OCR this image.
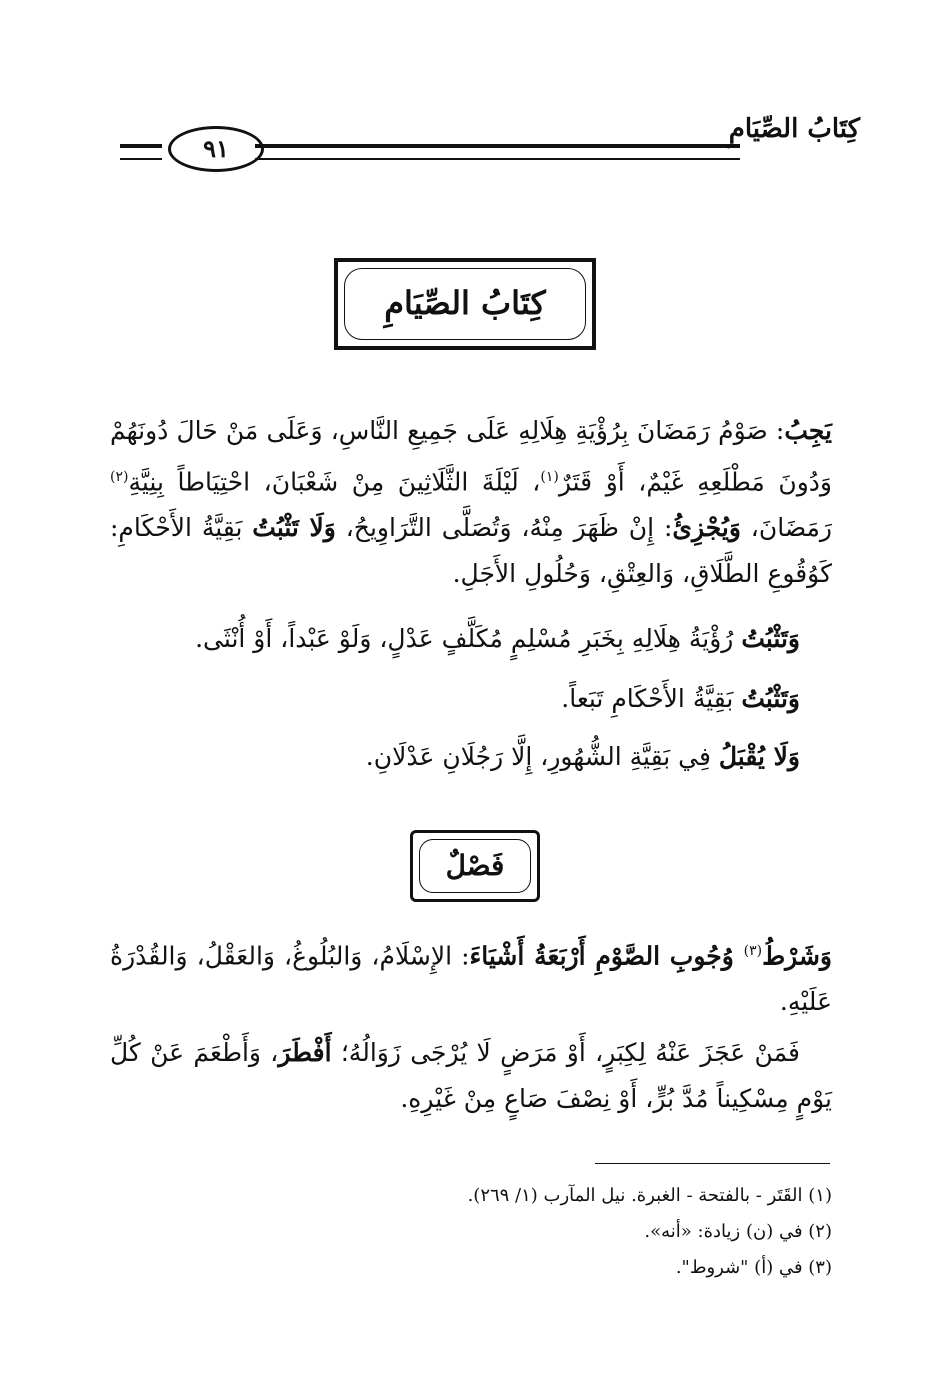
كِتَابُ الصِّيَامِ
٩١
كِتَابُ الصِّيَامِ
يَجِبُ: صَوْمُ رَمَضَانَ بِرُؤْيَةِ هِلَالِهِ عَلَى جَمِيعِ النَّاسِ، وَعَلَى مَنْ حَالَ دُونَهُمْ وَدُونَ مَطْلَعِهِ غَيْمٌ، أَوْ قَتَرٌ$^{(١)}$، لَيْلَةَ الثَّلَاثِينَ مِنْ شَعْبَانَ، احْتِيَاطاً بِنِيَّةِ$^{(٢)}$ رَمَضَانَ، وَيُجْزِئُ: إِنْ ظَهَرَ مِنْهُ، وَتُصَلَّى التَّرَاوِيحُ، وَلَا تَثْبُتُ بَقِيَّةُ الأَحْكَامِ: كَوُقُوعِ الطَّلَاقِ، وَالعِتْقِ، وَحُلُولِ الأَجَلِ.
وَتَثْبُتُ رُؤْيَةُ هِلَالِهِ بِخَبَرِ مُسْلِمٍ مُكَلَّفٍ عَدْلٍ، وَلَوْ عَبْداً، أَوْ أُنْثَى.
وَتَثْبُتُ بَقِيَّةُ الأَحْكَامِ تَبَعاً.
وَلَا يُقْبَلُ فِي بَقِيَّةِ الشُّهُورِ، إِلَّا رَجُلَانِ عَدْلَانِ.
فَصْلٌ
وَشَرْطُ$^{(٣)}$ وُجُوبِ الصَّوْمِ أَرْبَعَةُ أَشْيَاءَ: الإِسْلَامُ، وَالبُلُوغُ، وَالعَقْلُ، وَالقُدْرَةُ عَلَيْهِ.
فَمَنْ عَجَزَ عَنْهُ لِكِبَرٍ، أَوْ مَرَضٍ لَا يُرْجَى زَوَالُهُ؛ أَفْطَرَ، وَأَطْعَمَ عَنْ كُلِّ يَوْمٍ مِسْكِيناً مُدَّ بُرٍّ، أَوْ نِصْفَ صَاعٍ مِنْ غَيْرِهِ.
(١) القَتَر - بالفتحة - الغبرة. نيل المآرب (١/ ٢٦٩).
(٢) في (ن) زيادة: «أنه».
(٣) في (أ) "شروط".
